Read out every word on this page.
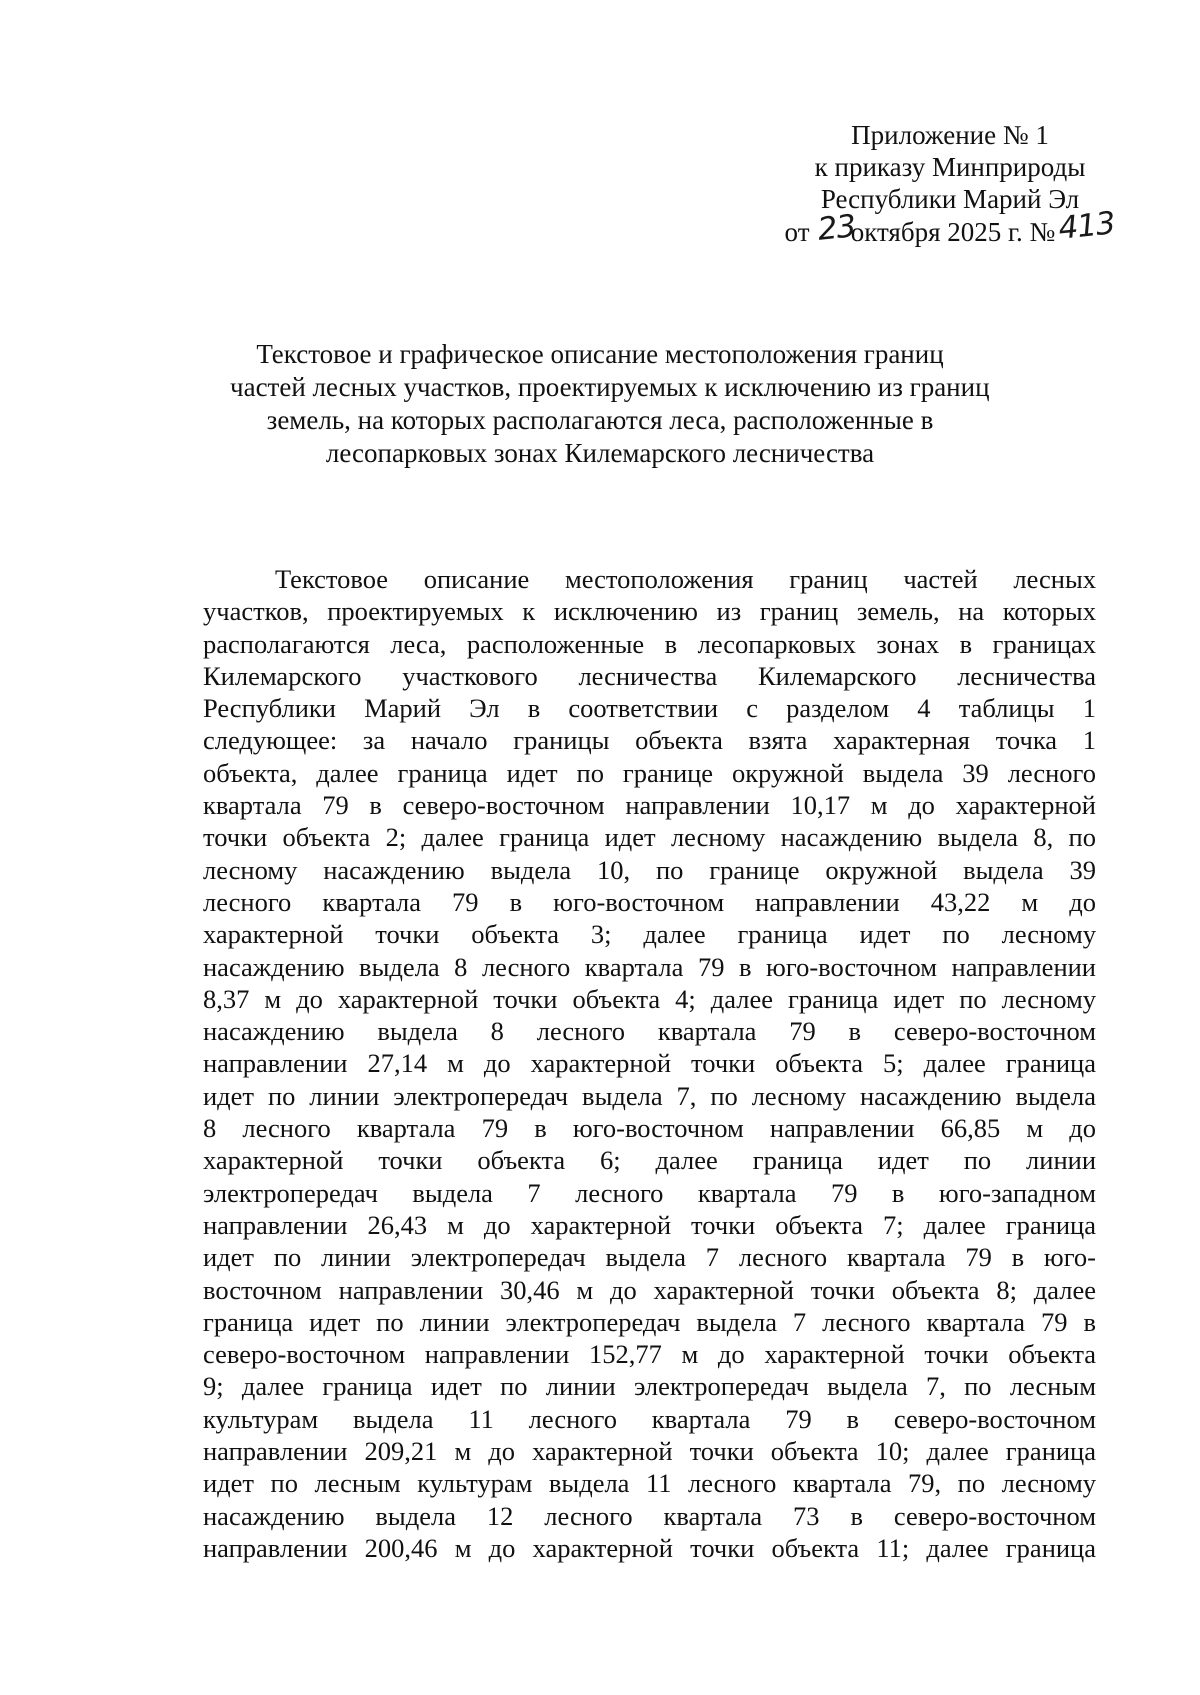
Приложение № 1
к приказу Минприроды
Республики Марий Эл
от 23октября 2025 г. №413
Текстовое и графическое описание местоположения границ
частей лесных участков, проектируемых к исключению из границ
земель, на которых располагаются леса, расположенные в
лесопарковых зонах Килемарского лесничества
Текстовое описание местоположения границ частей лесных
участков, проектируемых к исключению из границ земель, на которых
располагаются леса, расположенные в лесопарковых зонах в границах
Килемарского участкового лесничества Килемарского лесничества
Республики Марий Эл в соответствии с разделом 4 таблицы 1
следующее: за начало границы объекта взята характерная точка 1
объекта, далее граница идет по границе окружной выдела 39 лесного
квартала 79 в северо-восточном направлении 10,17 м до характерной
точки объекта 2; далее граница идет лесному насаждению выдела 8, по
лесному насаждению выдела 10, по границе окружной выдела 39
лесного квартала 79 в юго-восточном направлении 43,22 м до
характерной точки объекта 3; далее граница идет по лесному
насаждению выдела 8 лесного квартала 79 в юго-восточном направлении
8,37 м до характерной точки объекта 4; далее граница идет по лесному
насаждению выдела 8 лесного квартала 79 в северо-восточном
направлении 27,14 м до характерной точки объекта 5; далее граница
идет по линии электропередач выдела 7, по лесному насаждению выдела
8 лесного квартала 79 в юго-восточном направлении 66,85 м до
характерной точки объекта 6; далее граница идет по линии
электропередач выдела 7 лесного квартала 79 в юго-западном
направлении 26,43 м до характерной точки объекта 7; далее граница
идет по линии электропередач выдела 7 лесного квартала 79 в юго-
восточном направлении 30,46 м до характерной точки объекта 8; далее
граница идет по линии электропередач выдела 7 лесного квартала 79 в
северо-восточном направлении 152,77 м до характерной точки объекта
9; далее граница идет по линии электропередач выдела 7, по лесным
культурам выдела 11 лесного квартала 79 в северо-восточном
направлении 209,21 м до характерной точки объекта 10; далее граница
идет по лесным культурам выдела 11 лесного квартала 79, по лесному
насаждению выдела 12 лесного квартала 73 в северо-восточном
направлении 200,46 м до характерной точки объекта 11; далее граница
